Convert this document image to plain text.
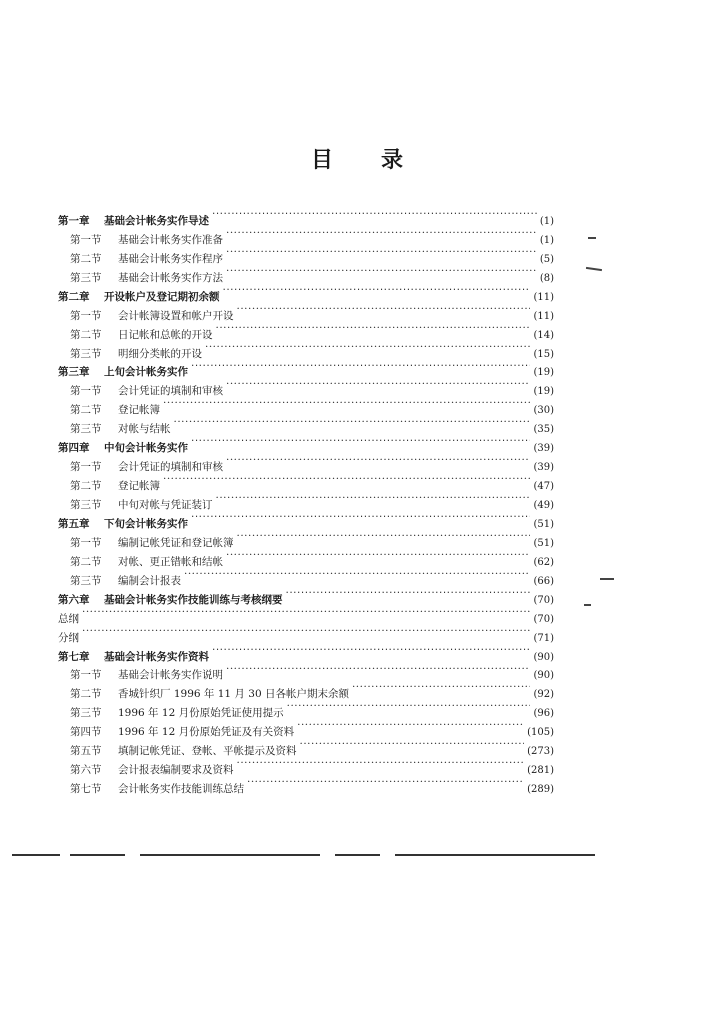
目 录
第一章 基础会计帐务实作导述 ·····	(1)
第一节 基础会计帐务实作准备 ·····	(1)
第二节 基础会计帐务实作程序 ·····	(5)
第三节 基础会计帐务实作方法 ·····	(8)
第二章 开设帐户及登记期初余额 ·····	(11)
第一节 会计帐簿设置和帐户开设 ·····	(11)
第二节 日记帐和总帐的开设 ·····	(14)
第三节 明细分类帐的开设 ·····	(15)
第三章 上旬会计帐务实作 ·····	(19)
第一节 会计凭证的填制和审核 ·····	(19)
第二节 登记帐簿 ·····	(30)
第三节 对帐与结帐 ·····	(35)
第四章 中旬会计帐务实作 ·····	(39)
第一节 会计凭证的填制和审核 ·····	(39)
第二节 登记帐簿 ·····	(47)
第三节 中旬对帐与凭证装订 ·····	(49)
第五章 下旬会计帐务实作 ·····	(51)
第一节 编制记帐凭证和登记帐簿 ·····	(51)
第二节 对帐、更正错帐和结帐 ·····	(62)
第三节 编制会计报表 ·····	(66)
第六章 基础会计帐务实作技能训练与考核纲要 ·····	(70)
总纲 ·····	(70)
分纲 ·····	(71)
第七章 基础会计帐务实作资料 ·····	(90)
第一节 基础会计帐务实作说明 ·····	(90)
第二节 香城针织厂 1996 年 11 月 30 日各帐户期末余额 ·····	(92)
第三节 1996 年 12 月份原始凭证使用提示 ·····	(96)
第四节 1996 年 12 月份原始凭证及有关资料 ·····	(105)
第五节 填制记帐凭证、登帐、平帐提示及资料 ·····	(273)
第六节 会计报表编制要求及资料 ·····	(281)
第七节 会计帐务实作技能训练总结 ·····	(289)
